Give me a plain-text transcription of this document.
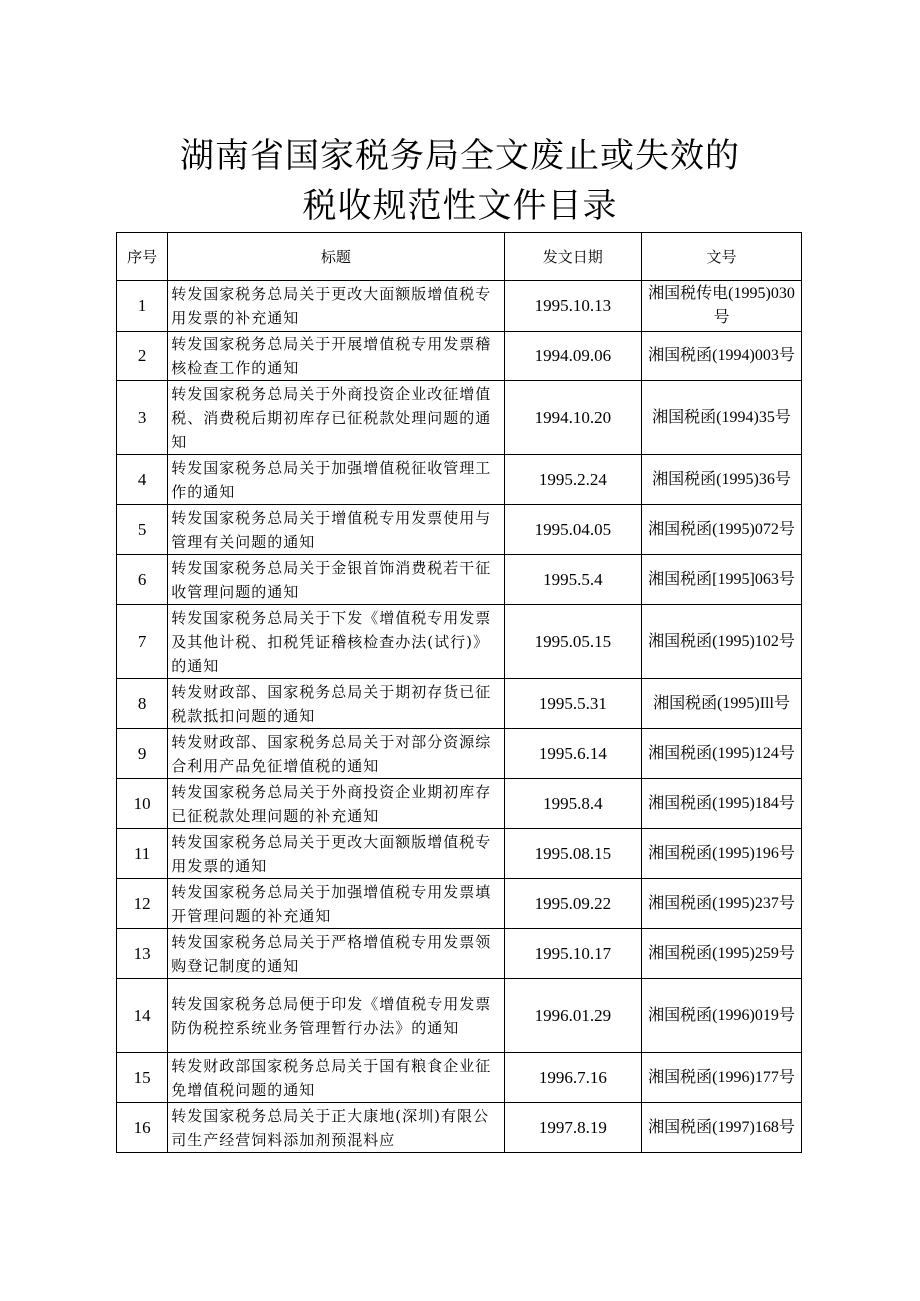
湖南省国家税务局全文废止或失效的
税收规范性文件目录
序号	标题	发文日期	文号
1	转发国家税务总局关于更改大面额版增值税专用发票的补充通知	1995.10.13	湘国税传电(1995)030号
2	转发国家税务总局关于开展增值税专用发票稽核检查工作的通知	1994.09.06	湘国税函(1994)003号
3	转发国家税务总局关于外商投资企业改征增值税、消费税后期初库存已征税款处理问题的通知	1994.10.20	湘国税函(1994)35号
4	转发国家税务总局关于加强增值税征收管理工作的通知	1995.2.24	湘国税函(1995)36号
5	转发国家税务总局关于增值税专用发票使用与管理有关问题的通知	1995.04.05	湘国税函(1995)072号
6	转发国家税务总局关于金银首饰消费税若干征收管理问题的通知	1995.5.4	湘国税函[1995]063号
7	转发国家税务总局关于下发《增值税专用发票及其他计税、扣税凭证稽核检查办法(试行)》的通知	1995.05.15	湘国税函(1995)102号
8	转发财政部、国家税务总局关于期初存货已征税款抵扣问题的通知	1995.5.31	湘国税函(1995)Ill号
9	转发财政部、国家税务总局关于对部分资源综合利用产品免征增值税的通知	1995.6.14	湘国税函(1995)124号
10	转发国家税务总局关于外商投资企业期初库存已征税款处理问题的补充通知	1995.8.4	湘国税函(1995)184号
11	转发国家税务总局关于更改大面额版增值税专用发票的通知	1995.08.15	湘国税函(1995)196号
12	转发国家税务总局关于加强增值税专用发票填开管理问题的补充通知	1995.09.22	湘国税函(1995)237号
13	转发国家税务总局关于严格增值税专用发票领购登记制度的通知	1995.10.17	湘国税函(1995)259号
14	转发国家税务总局便于印发《增值税专用发票防伪税控系统业务管理暂行办法》的通知	1996.01.29	湘国税函(1996)019号
15	转发财政部国家税务总局关于国有粮食企业征免增值税问题的通知	1996.7.16	湘国税函(1996)177号
16	转发国家税务总局关于正大康地(深圳)有限公司生产经营饲料添加剂预混料应	1997.8.19	湘国税函(1997)168号
